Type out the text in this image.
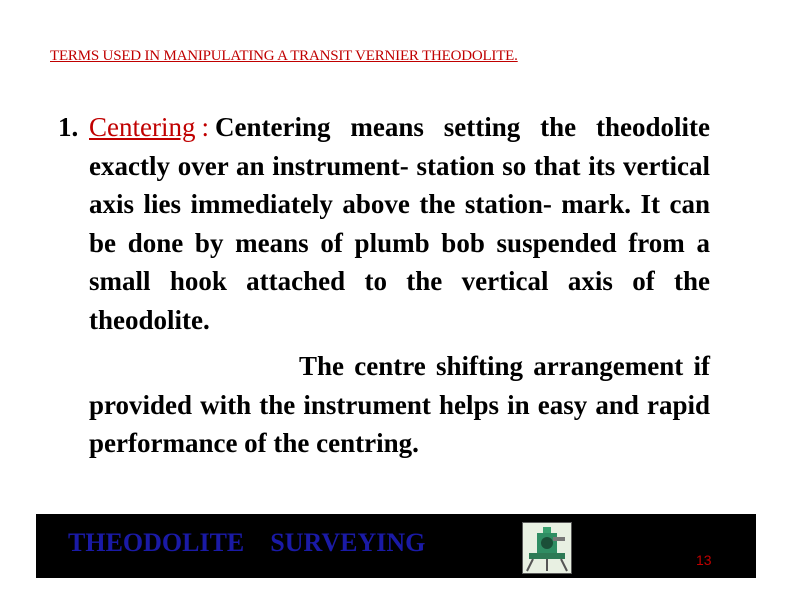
TERMS USED IN MANIPULATING A TRANSIT VERNIER THEODOLITE.

1. Centering : Centering means setting the theodolite exactly over an instrument- station so that its vertical axis lies immediately above the station- mark. It can be done by means of plumb bob suspended from a small hook attached to the vertical axis of the theodolite.

The centre shifting arrangement if provided with the instrument helps in easy and rapid performance of the centring.

THEODOLITE SURVEYING
13
